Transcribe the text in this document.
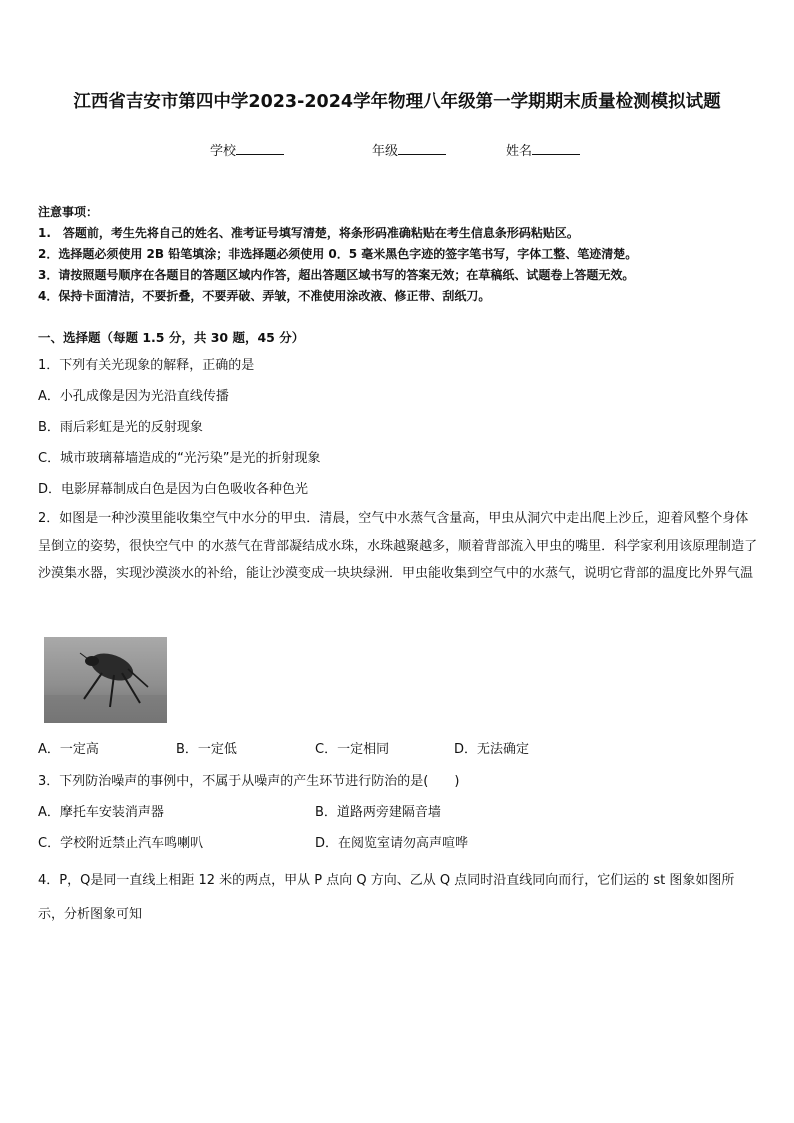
江西省吉安市第四中学2023-2024学年物理八年级第一学期期末质量检测模拟试题
学校	年级	姓名
注意事项：
1.　答题前，考生先将自己的姓名、准考证号填写清楚，将条形码准确粘贴在考生信息条形码粘贴区。
2．选择题必须使用 2B 铅笔填涂；非选择题必须使用 0．5 毫米黑色字迹的签字笔书写，字体工整、笔迹清楚。
3．请按照题号顺序在各题目的答题区域内作答，超出答题区域书写的答案无效；在草稿纸、试题卷上答题无效。
4．保持卡面清洁，不要折叠，不要弄破、弄皱，不准使用涂改液、修正带、刮纸刀。
一、选择题（每题 1.5 分，共 30 题，45 分）
1．下列有关光现象的解释，正确的是
A．小孔成像是因为光沿直线传播
B．雨后彩虹是光的反射现象
C．城市玻璃幕墙造成的“光污染”是光的折射现象
D．电影屏幕制成白色是因为白色吸收各种色光
2．如图是一种沙漠里能收集空气中水分的甲虫．清晨，空气中水蒸气含量高，甲虫从洞穴中走出爬上沙丘，迎着风整个身体呈倒立的姿势，很快空气中 的水蒸气在背部凝结成水珠，水珠越聚越多，顺着背部流入甲虫的嘴里．科学家利用该原理制造了沙漠集水器，实现沙漠淡水的补给，能让沙漠变成一块块绿洲．甲虫能收集到空气中的水蒸气，说明它背部的温度比外界气温
A．一定高	B．一定低	C．一定相同	D．无法确定
3．下列防治噪声的事例中，不属于从噪声的产生环节进行防治的是(　　)
A．摩托车安装消声器	B．道路两旁建隔音墙
C．学校附近禁止汽车鸣喇叭	D．在阅览室请勿高声喧哗
4．P，Q是同一直线上相距 12 米的两点，甲从 P 点向 Q 方向、乙从 Q 点同时沿直线同向而行，它们运的 st 图象如图所示，分析图象可知
